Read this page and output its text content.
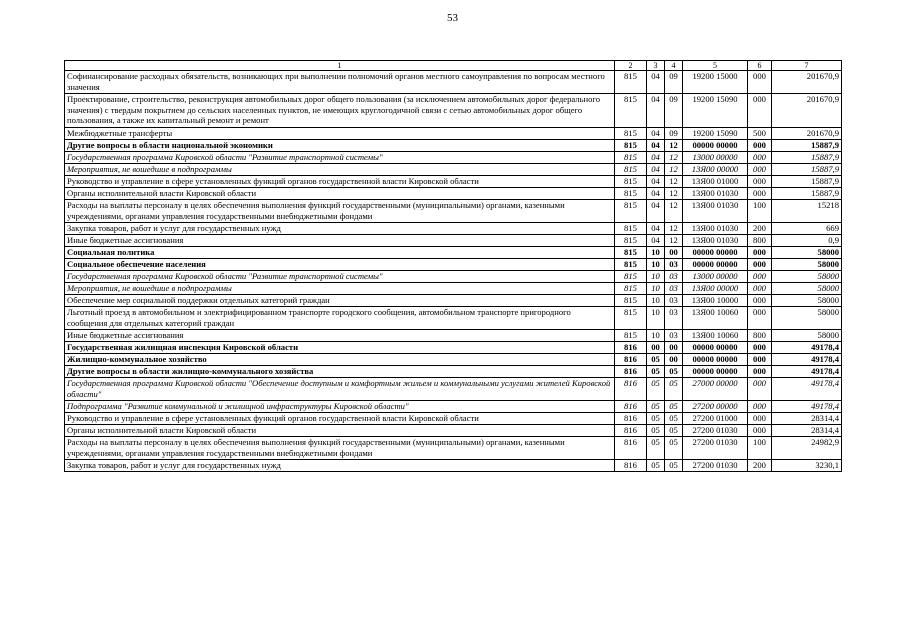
53
1	2	3	4	5	6	7
Софинансирование расходных обязательств, возникающих при выполнении полномочий органов местного самоуправления по вопросам местного значения	815	04	09	19200 15000	000	201670,9
Проектирование, строительство, реконструкция автомобильных дорог общего пользования (за исключением автомобильных дорог федерального значения) с твердым покрытием до сельских населенных пунктов, не имеющих круглогодичной связи с сетью автомобильных дорог общего пользования, а также их капитальный ремонт и ремонт	815	04	09	19200 15090	000	201670,9
Межбюджетные трансферты	815	04	09	19200 15090	500	201670,9
Другие вопросы в области национальной экономики	815	04	12	00000 00000	000	15887,9
Государственная программа Кировской области "Развитие транспортной системы"	815	04	12	13000 00000	000	15887,9
Мероприятия, не вошедшие в подпрограммы	815	04	12	13Я00 00000	000	15887,9
Руководство и управление в сфере установленных функций органов государственной власти Кировской области	815	04	12	13Я00 01000	000	15887,9
Органы исполнительной власти Кировской области	815	04	12	13Я00 01030	000	15887,9
Расходы на выплаты персоналу в целях обеспечения выполнения функций государственными (муниципальными) органами, казенными учреждениями, органами управления государственными внебюджетными фондами	815	04	12	13Я00 01030	100	15218
Закупка товаров, работ и услуг для государственных нужд	815	04	12	13Я00 01030	200	669
Иные бюджетные ассигнования	815	04	12	13Я00 01030	800	0,9
Социальная политика	815	10	00	00000 00000	000	58000
Социальное обеспечение населения	815	10	03	00000 00000	000	58000
Государственная программа Кировской области "Развитие транспортной системы"	815	10	03	13000 00000	000	58000
Мероприятия, не вошедшие в подпрограммы	815	10	03	13Я00 00000	000	58000
Обеспечение мер социальной поддержки отдельных категорий граждан	815	10	03	13Я00 10000	000	58000
Льготный проезд в автомобильном и электрифицированном транспорте городского сообщения, автомобильном транспорте пригородного сообщения для отдельных категорий граждан	815	10	03	13Я00 10060	000	58000
Иные бюджетные ассигнования	815	10	03	13Я00 10060	800	58000
Государственная жилищная инспекция Кировской области	816	00	00	00000 00000	000	49178,4
Жилищно-коммунальное хозяйство	816	05	00	00000 00000	000	49178,4
Другие вопросы в области жилищно-коммунального хозяйства	816	05	05	00000 00000	000	49178,4
Государственная программа Кировской области "Обеспечение доступным и комфортным жильем и коммунальными услугами жителей Кировской области"	816	05	05	27000 00000	000	49178,4
Подпрограмма "Развитие коммунальной и жилищной инфраструктуры Кировской области"	816	05	05	27200 00000	000	49178,4
Руководство и управление в сфере установленных функций органов государственной власти Кировской области	816	05	05	27200 01000	000	28314,4
Органы исполнительной власти Кировской области	816	05	05	27200 01030	000	28314,4
Расходы на выплаты персоналу в целях обеспечения выполнения функций государственными (муниципальными) органами, казенными учреждениями, органами управления государственными внебюджетными фондами	816	05	05	27200 01030	100	24982,9
Закупка товаров, работ и услуг для государственных нужд	816	05	05	27200 01030	200	3230,1
